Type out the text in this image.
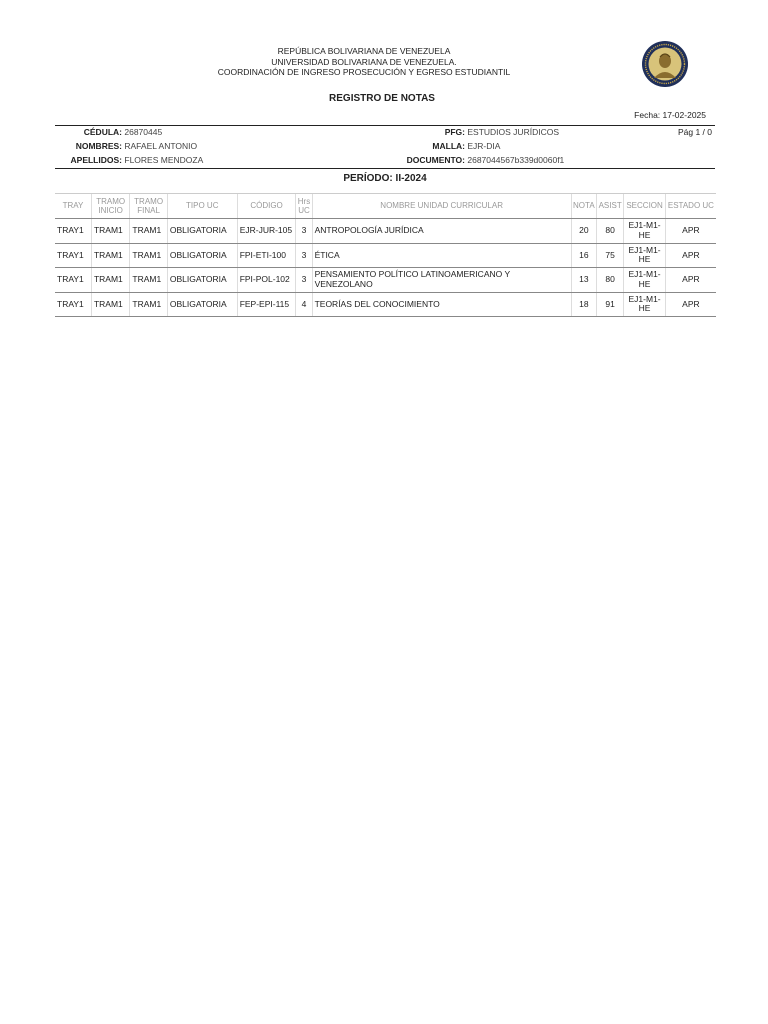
REPÚBLICA BOLIVARIANA DE VENEZUELA
UNIVERSIDAD BOLIVARIANA DE VENEZUELA.
COORDINACIÓN DE INGRESO PROSECUCIÓN Y EGRESO ESTUDIANTIL
REGISTRO DE NOTAS
Fecha: 17-02-2025
CÉDULA: 26870445	PFG: ESTUDIOS JURÍDICOS	Pág 1 / 0
NOMBRES: RAFAEL ANTONIO	MALLA: EJR-DIA
APELLIDOS: FLORES MENDOZA	DOCUMENTO: 2687044567b339d0060f1
PERÍODO: II-2024
TRAY	TRAMO INICIO	TRAMO FINAL	TIPO UC	CÓDIGO	Hrs UC	NOMBRE UNIDAD CURRICULAR	NOTA	ASIST	SECCION	ESTADO UC
TRAY1	TRAM1	TRAM1	OBLIGATORIA	EJR-JUR-105	3	ANTROPOLOGÍA JURÍDICA	20	80	EJ1-M1-HE	APR
TRAY1	TRAM1	TRAM1	OBLIGATORIA	FPI-ETI-100	3	ÉTICA	16	75	EJ1-M1-HE	APR
TRAY1	TRAM1	TRAM1	OBLIGATORIA	FPI-POL-102	3	PENSAMIENTO POLÍTICO LATINOAMERICANO Y VENEZOLANO	13	80	EJ1-M1-HE	APR
TRAY1	TRAM1	TRAM1	OBLIGATORIA	FEP-EPI-115	4	TEORÍAS DEL CONOCIMIENTO	18	91	EJ1-M1-HE	APR
